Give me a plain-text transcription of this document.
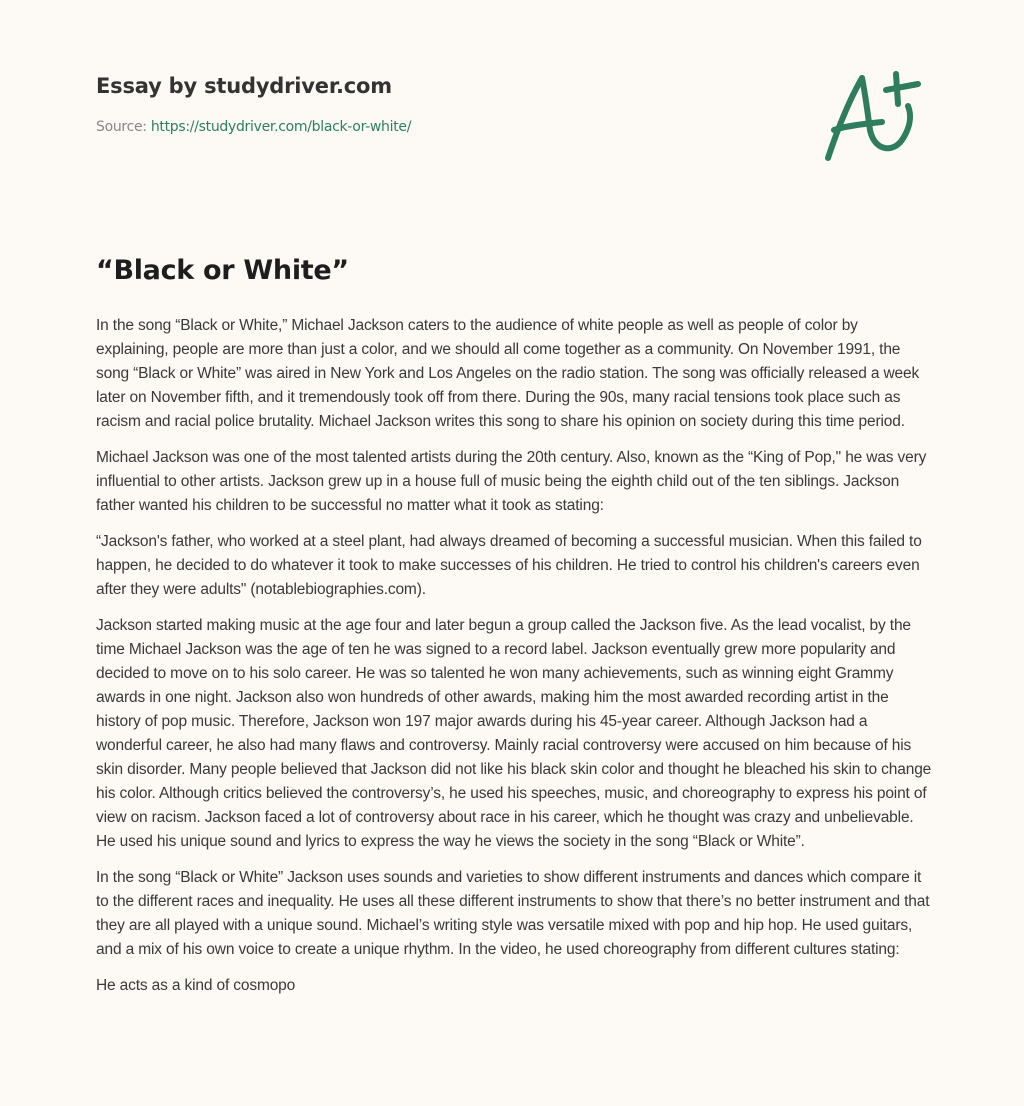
Essay by studydriver.com
Source: https://studydriver.com/black-or-white/
“Black or White”

In the song “Black or White,” Michael Jackson caters to the audience of white people as well as people of color by explaining, people are more than just a color, and we should all come together as a community. On November 1991, the song “Black or White” was aired in New York and Los Angeles on the radio station. The song was officially released a week later on November fifth, and it tremendously took off from there. During the 90s, many racial tensions took place such as racism and racial police brutality. Michael Jackson writes this song to share his opinion on society during this time period.

Michael Jackson was one of the most talented artists during the 20th century. Also, known as the “King of Pop," he was very influential to other artists. Jackson grew up in a house full of music being the eighth child out of the ten siblings. Jackson father wanted his children to be successful no matter what it took as stating:

“Jackson's father, who worked at a steel plant, had always dreamed of becoming a successful musician. When this failed to happen, he decided to do whatever it took to make successes of his children. He tried to control his children's careers even after they were adults" (notablebiographies.com).

Jackson started making music at the age four and later begun a group called the Jackson five. As the lead vocalist, by the time Michael Jackson was the age of ten he was signed to a record label. Jackson eventually grew more popularity and decided to move on to his solo career. He was so talented he won many achievements, such as winning eight Grammy awards in one night. Jackson also won hundreds of other awards, making him the most awarded recording artist in the history of pop music. Therefore, Jackson won 197 major awards during his 45-year career. Although Jackson had a wonderful career, he also had many flaws and controversy. Mainly racial controversy were accused on him because of his skin disorder. Many people believed that Jackson did not like his black skin color and thought he bleached his skin to change his color. Although critics believed the controversy’s, he used his speeches, music, and choreography to express his point of view on racism. Jackson faced a lot of controversy about race in his career, which he thought was crazy and unbelievable. He used his unique sound and lyrics to express the way he views the society in the song “Black or White”.

In the song “Black or White” Jackson uses sounds and varieties to show different instruments and dances which compare it to the different races and inequality. He uses all these different instruments to show that there’s no better instrument and that they are all played with a unique sound. Michael’s writing style was versatile mixed with pop and hip hop. He used guitars, and a mix of his own voice to create a unique rhythm. In the video, he used choreography from different cultures stating:

He acts as a kind of cosmopo
